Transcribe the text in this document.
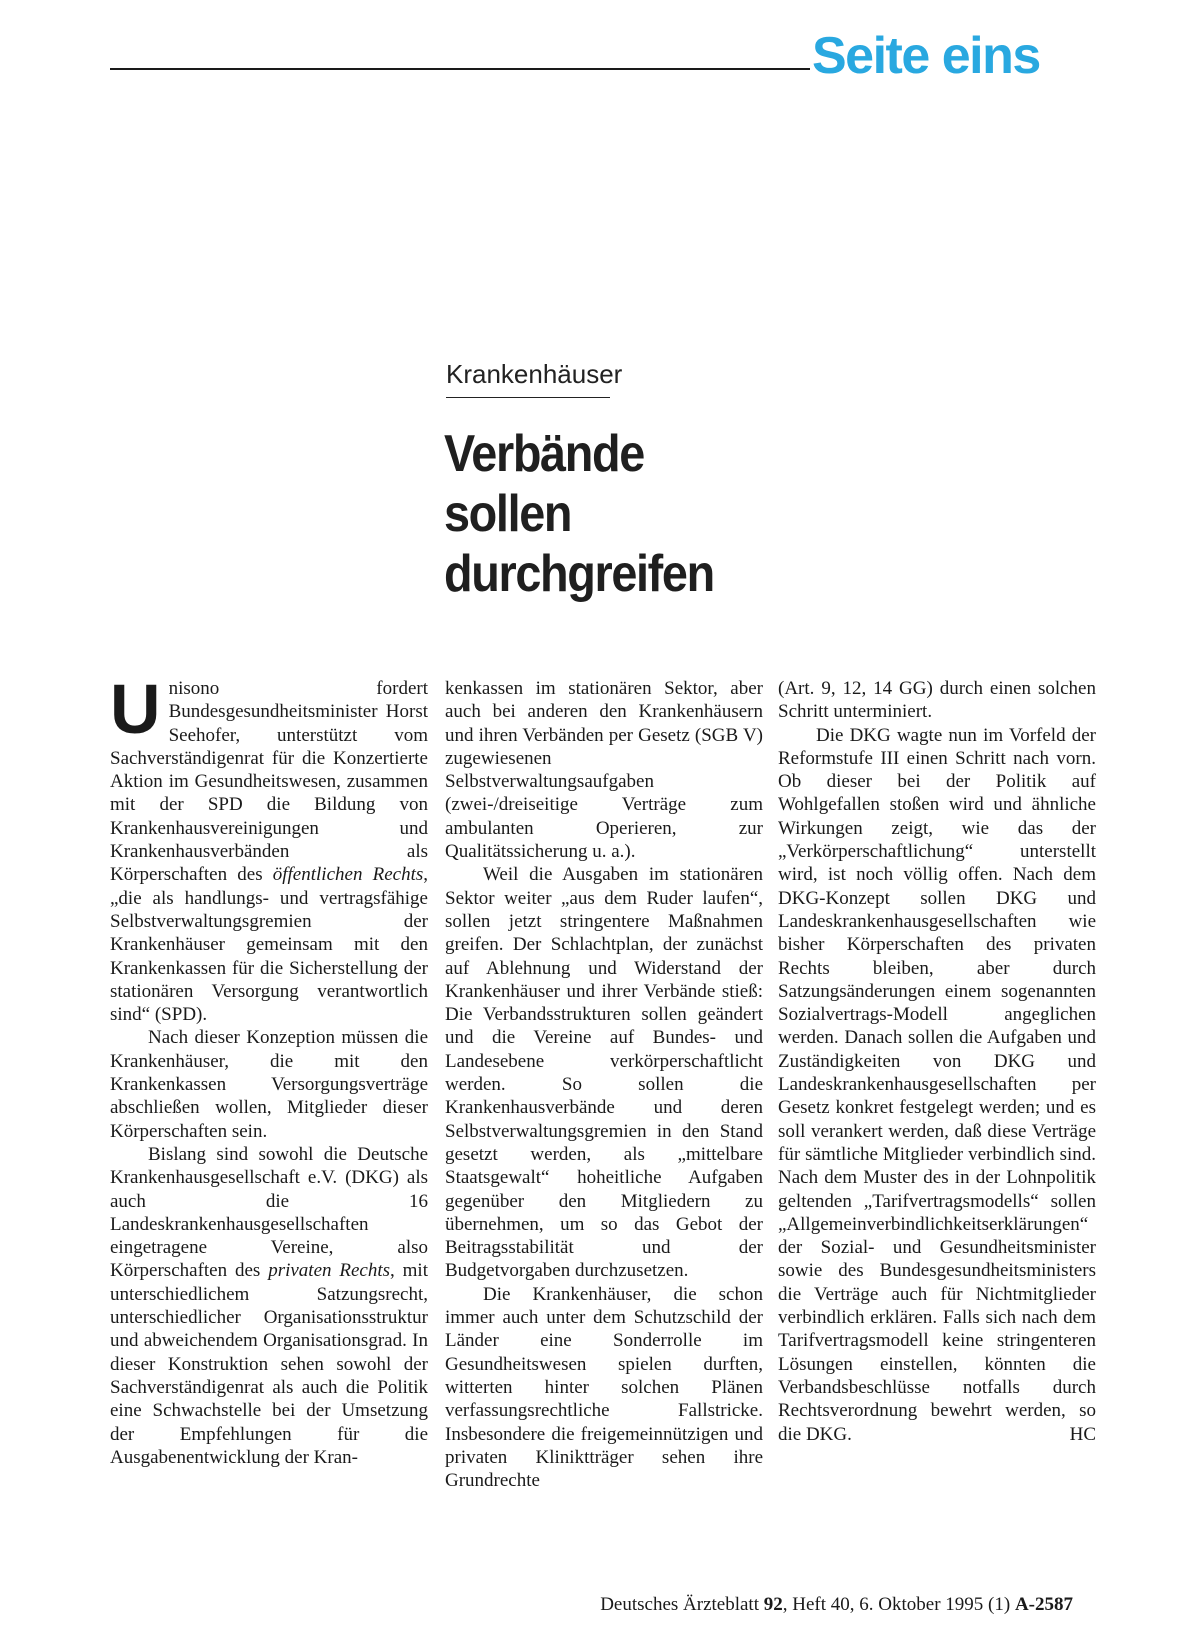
Seite eins
Krankenhäuser
Verbände
sollen
durchgreifen

Unisono fordert Bundesgesundheitsminister Horst Seehofer, unterstützt vom Sachverständigenrat für die Konzertierte Aktion im Gesundheitswesen, zusammen mit der SPD die Bildung von Krankenhausvereinigungen und Krankenhausverbänden als Körperschaften des öffentlichen Rechts, „die als handlungs- und vertragsfähige Selbstverwaltungsgremien der Krankenhäuser gemeinsam mit den Krankenkassen für die Sicherstellung der stationären Versorgung verantwortlich sind“ (SPD).

Nach dieser Konzeption müssen die Krankenhäuser, die mit den Krankenkassen Versorgungsverträge abschließen wollen, Mitglieder dieser Körperschaften sein.

Bislang sind sowohl die Deutsche Krankenhausgesellschaft e.V. (DKG) als auch die 16 Landeskrankenhausgesellschaften eingetragene Vereine, also Körperschaften des privaten Rechts, mit unterschiedlichem Satzungsrecht, unterschiedlicher Organisationsstruktur und abweichendem Organisationsgrad. In dieser Konstruktion sehen sowohl der Sachverständigenrat als auch die Politik eine Schwachstelle bei der Umsetzung der Empfehlungen für die Ausgabenentwicklung der Kran-

kenkassen im stationären Sektor, aber auch bei anderen den Krankenhäusern und ihren Verbänden per Gesetz (SGB V) zugewiesenen Selbstverwaltungsaufgaben (zwei-/dreiseitige Verträge zum ambulanten Operieren, zur Qualitätssicherung u. a.).

Weil die Ausgaben im stationären Sektor weiter „aus dem Ruder laufen“, sollen jetzt stringentere Maßnahmen greifen. Der Schlachtplan, der zunächst auf Ablehnung und Widerstand der Krankenhäuser und ihrer Verbände stieß: Die Verbandsstrukturen sollen geändert und die Vereine auf Bundes- und Landesebene verkörperschaftlicht werden. So sollen die Krankenhausverbände und deren Selbstverwaltungsgremien in den Stand gesetzt werden, als „mittelbare Staatsgewalt“ hoheitliche Aufgaben gegenüber den Mitgliedern zu übernehmen, um so das Gebot der Beitragsstabilität und der Budgetvorgaben durchzusetzen.

Die Krankenhäuser, die schon immer auch unter dem Schutzschild der Länder eine Sonderrolle im Gesundheitswesen spielen durften, witterten hinter solchen Plänen verfassungsrechtliche Fallstricke. Insbesondere die freigemeinnützigen und privaten Kliniktträger sehen ihre Grundrechte

(Art. 9, 12, 14 GG) durch einen solchen Schritt unterminiert.

Die DKG wagte nun im Vorfeld der Reformstufe III einen Schritt nach vorn. Ob dieser bei der Politik auf Wohlgefallen stoßen wird und ähnliche Wirkungen zeigt, wie das der „Verkörperschaftlichung“ unterstellt wird, ist noch völlig offen. Nach dem DKG-Konzept sollen DKG und Landeskrankenhausgesellschaften wie bisher Körperschaften des privaten Rechts bleiben, aber durch Satzungsänderungen einem sogenannten Sozialvertrags-Modell angeglichen werden. Danach sollen die Aufgaben und Zuständigkeiten von DKG und Landeskrankenhausgesellschaften per Gesetz konkret festgelegt werden; und es soll verankert werden, daß diese Verträge für sämtliche Mitglieder verbindlich sind. Nach dem Muster des in der Lohnpolitik geltenden „Tarifvertragsmodells“ sollen „Allgemeinverbindlichkeitserklärungen“ der Sozial- und Gesundheitsminister sowie des Bundesgesundheitsministers die Verträge auch für Nichtmitglieder verbindlich erklären. Falls sich nach dem Tarifvertragsmodell keine stringenteren Lösungen einstellen, könnten die Verbandsbeschlüsse notfalls durch Rechtsverordnung bewehrt werden, so die DKG.	HC
Deutsches Ärzteblatt 92, Heft 40, 6. Oktober 1995 (1) A-2587
